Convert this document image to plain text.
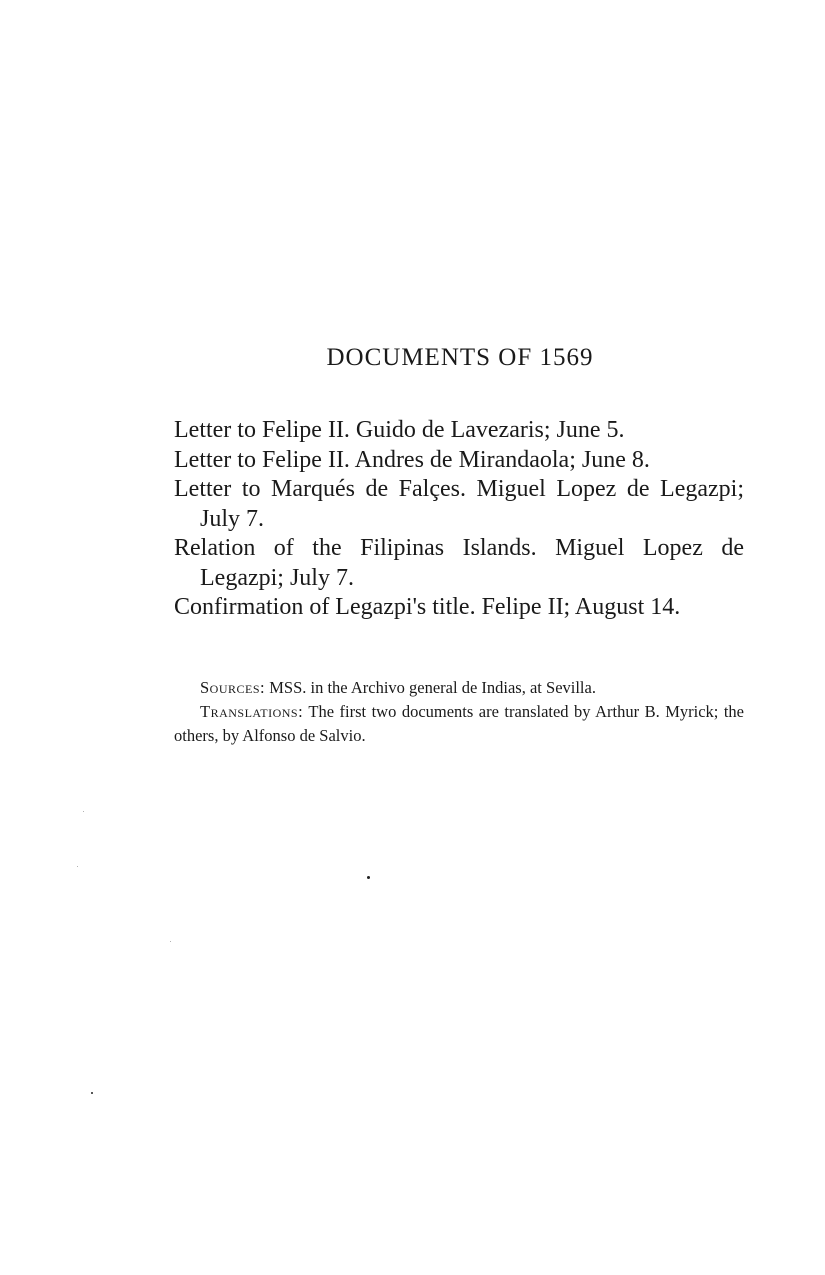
DOCUMENTS OF 1569
Letter to Felipe II. Guido de Lavezaris; June 5.
Letter to Felipe II. Andres de Mirandaola; June 8.
Letter to Marqués de Falçes. Miguel Lopez de Legazpi; July 7.
Relation of the Filipinas Islands. Miguel Lopez de Legazpi; July 7.
Confirmation of Legazpi's title. Felipe II; August 14.

Sources: MSS. in the Archivo general de Indias, at Sevilla.

Translations: The first two documents are translated by Arthur B. Myrick; the others, by Alfonso de Salvio.
